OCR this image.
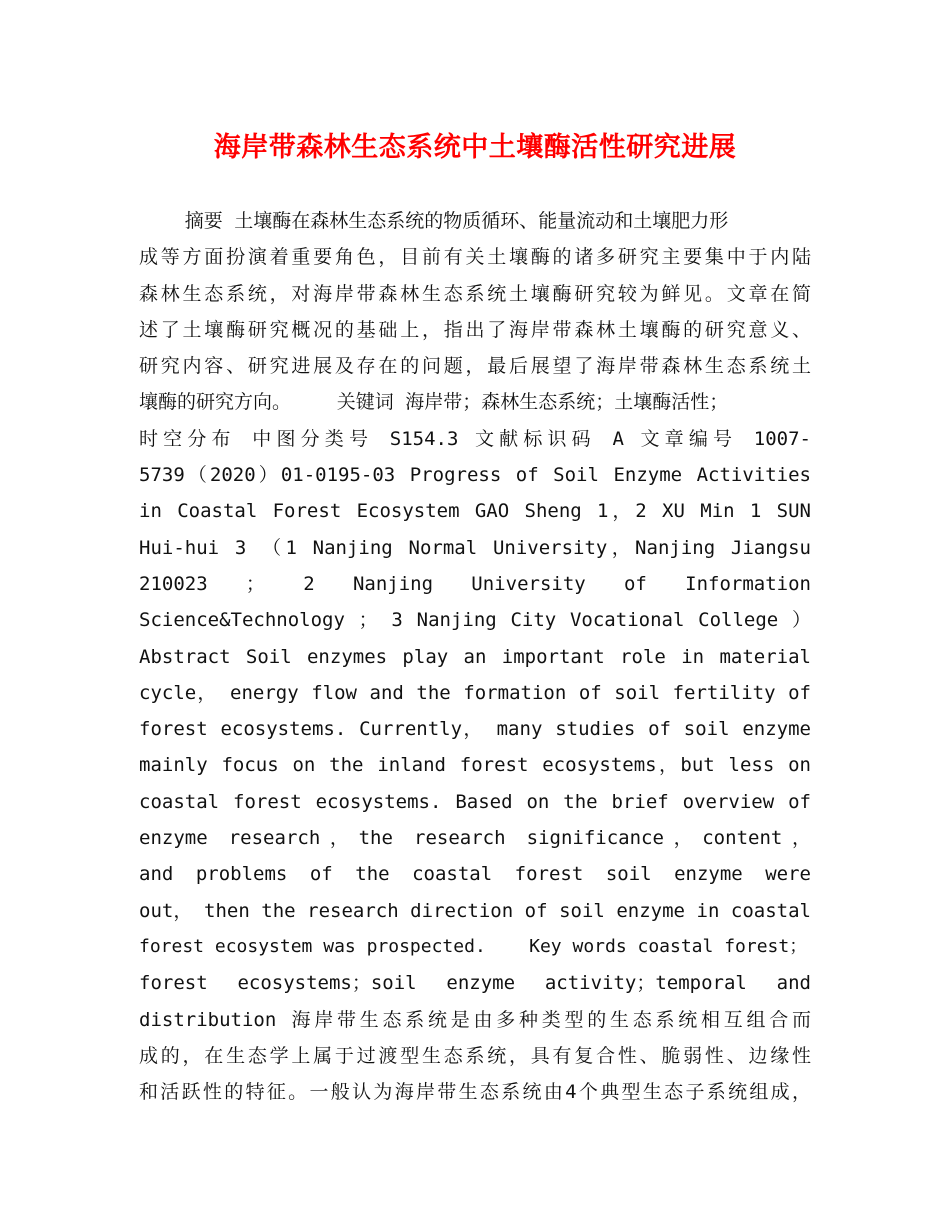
海岸带森林生态系统中土壤酶活性研究进展
摘要 土壤酶在森林生态系统的物质循环、能量流动和土壤肥力形
成等方面扮演着重要角色，目前有关土壤酶的诸多研究主要集中于内陆
森林生态系统，对海岸带森林生态系统土壤酶研究较为鲜见。文章在简
述了土壤酶研究概况的基础上，指出了海岸带森林土壤酶的研究意义、
研究内容、研究进展及存在的问题，最后展望了海岸带森林生态系统土
壤酶的研究方向。    关键词 海岸带；森林生态系统；土壤酶活性；
时空分布 中图分类号 S154.3 文献标识码 A 文章编号 1007-
5739（2020）01-0195-03 Progress of Soil Enzyme Activities
in Coastal Forest Ecosystem GAO Sheng 1，2 XU Min 1 SUN
Hui-hui 3 （1 Nanjing Normal University，Nanjing Jiangsu
210023 ； 2 Nanjing University of Information
Science&Technology ； 3 Nanjing City Vocational College ）
Abstract Soil enzymes play an important role in material
cycle， energy flow and the formation of soil fertility of
forest ecosystems. Currently， many studies of soil enzyme
mainly focus on the inland forest ecosystems，but less on
coastal forest ecosystems. Based on the brief overview of
enzyme research，the research significance，content，
and problems of the coastal forest soil enzyme were
out， then the research direction of soil enzyme in coastal
forest ecosystem was prospected.    Key words coastal forest；
forest ecosystems；soil enzyme activity；temporal and
distribution 海岸带生态系统是由多种类型的生态系统相互组合而
成的，在生态学上属于过渡型生态系统，具有复合性、脆弱性、边缘性
和活跃性的特征。一般认为海岸带生态系统由4个典型生态子系统组成，
